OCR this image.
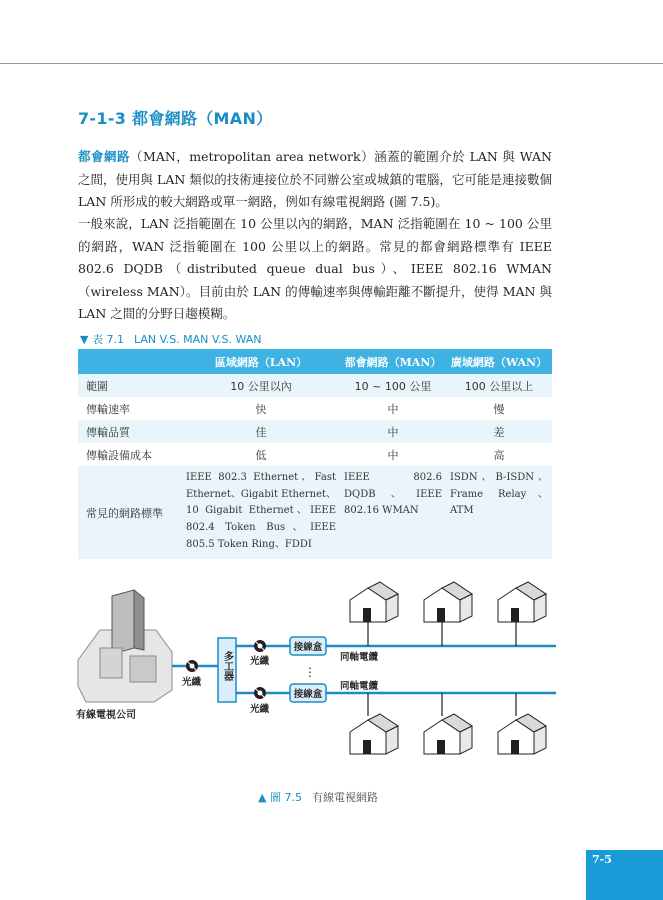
7-1-3 都會網路（MAN）

都會網路（MAN，metropolitan area network）涵蓋的範圍介於 LAN 與 WAN 之間，使用與 LAN 類似的技術連接位於不同辦公室或城鎮的電腦，它可能是連接數個 LAN 所形成的較大網路或單一網路，例如有線電視網路 (圖 7.5)。

一般來說，LAN 泛指範圍在 10 公里以內的網路，MAN 泛指範圍在 10 ~ 100 公里的網路，WAN 泛指範圍在 100 公里以上的網路。常見的都會網路標準有 IEEE 802.6 DQDB（distributed queue dual bus）、IEEE 802.16 WMAN（wireless MAN）。目前由於 LAN 的傳輸速率與傳輸距離不斷提升，使得 MAN 與 LAN 之間的分野日趨模糊。

▼ 表 7.1 LAN V.S. MAN V.S. WAN
	區域網路（LAN）	都會網路（MAN）	廣域網路（WAN）
範圍	10 公里以內	10 ~ 100 公里	100 公里以上
傳輸速率	快	中	慢
傳輸品質	佳	中	差
傳輸設備成本	低	中	高
常見的網路標準	IEEE 802.3 Ethernet、Fast Ethernet、Gigabit Ethernet、10 Gigabit Ethernet、IEEE 802.4 Token Bus、IEEE 805.5 Token Ring、FDDI	IEEE 802.6 DQDB、IEEE 802.16 WMAN	ISDN、B-ISDN、Frame Relay、ATM
有線電視公司
光纖
多工器 光纖
光纖
接線盒
接線盒
⋮
同軸電纜
同軸電纜
▲ 圖 7.5 有線電視網路

7-5
